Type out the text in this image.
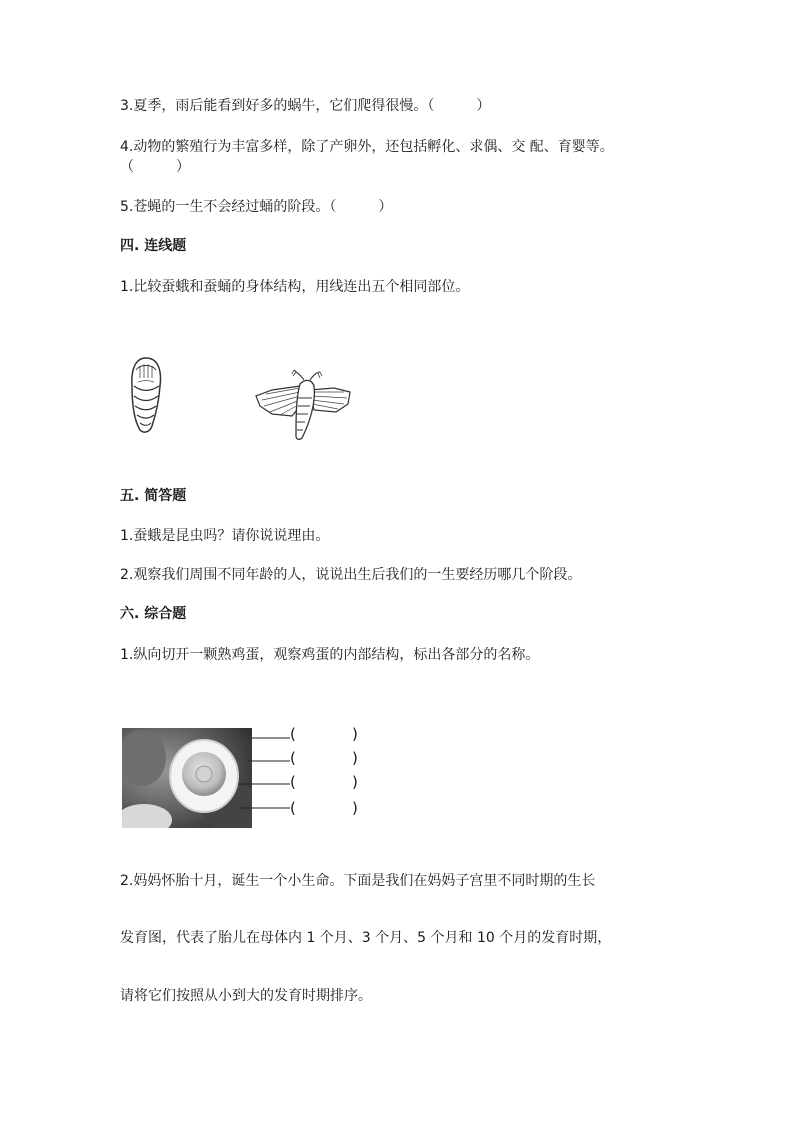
3.夏季，雨后能看到好多的蜗牛，它们爬得很慢。（　　　）
4.动物的繁殖行为丰富多样，除了产卵外，还包括孵化、求偶、交 配、育婴等。
（　　　）
5.苍蝇的一生不会经过蛹的阶段。（　　　）
四. 连线题
1.比较蚕蛾和蚕蛹的身体结构，用线连出五个相同部位。
五. 简答题
1.蚕蛾是昆虫吗？请你说说理由。
2.观察我们周围不同年龄的人，说说出生后我们的一生要经历哪几个阶段。
六. 综合题
1.纵向切开一颗熟鸡蛋，观察鸡蛋的内部结构，标出各部分的名称。
(	)
(	)
(	)
(	)
2.妈妈怀胎十月，诞生一个小生命。下面是我们在妈妈子宫里不同时期的生长
发育图，代表了胎儿在母体内 1 个月、3 个月、5 个月和 10 个月的发育时期，
请将它们按照从小到大的发育时期排序。
